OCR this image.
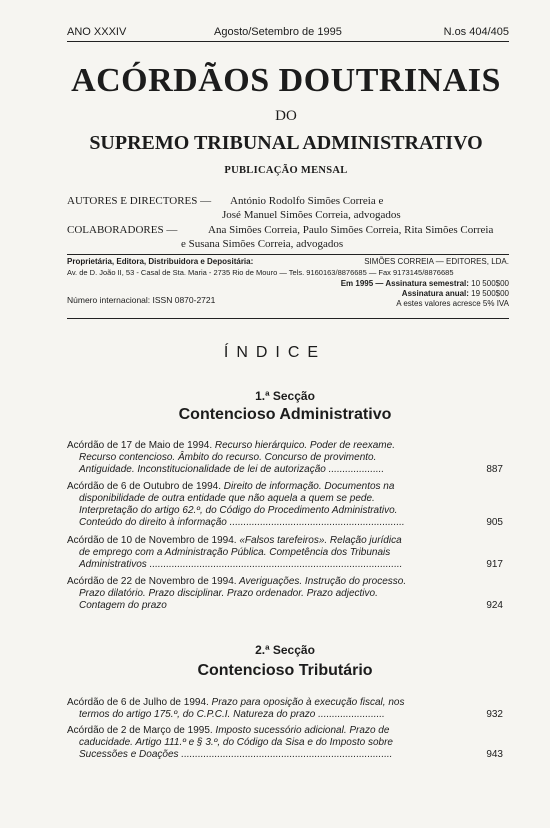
ANO XXXIV	Agosto/Setembro de 1995	N.os 404/405
ACÓRDÃOS DOUTRINAIS
DO
SUPREMO TRIBUNAL ADMINISTRATIVO
PUBLICAÇÃO MENSAL
AUTORES E DIRECTORES — António Rodolfo Simões Correia e
José Manuel Simões Correia, advogados
COLABORADORES —	Ana Simões Correia, Paulo Simões Correia, Rita Simões Correia
e Susana Simões Correia, advogados
Proprietária, Editora, Distribuidora e Depositária:	SIMÕES CORREIA — EDITORES, LDA.
Av. de D. João II, 53 - Casal de Sta. Maria - 2735 Rio de Mouro — Tels. 9160163/8876685 — Fax 9173145/8876685
Em 1995 — Assinatura semestral: 10 500$00
Assinatura anual: 19 500$00
A estes valores acresce 5% IVA
Número internacional: ISSN 0870-2721
ÍNDICE
1.ª Secção
Contencioso Administrativo
Acórdão de 17 de Maio de 1994. Recurso hierárquico. Poder de reexame.
Recurso contencioso. Âmbito do recurso. Concurso de provimento.
Antiguidade. Inconstitucionalidade de lei de autorização ....................	887
Acórdão de 6 de Outubro de 1994. Direito de informação. Documentos na
disponibilidade de outra entidade que não aquela a quem se pede.
Interpretação do artigo 62.º, do Código do Procedimento Administrativo.
Conteúdo do direito à informação ...............................................................	905
Acórdão de 10 de Novembro de 1994. «Falsos tarefeiros». Relação jurídica
de emprego com a Administração Pública. Competência dos Tribunais
Administrativos ...........................................................................................	917
Acórdão de 22 de Novembro de 1994. Averiguações. Instrução do processo.
Prazo dilatório. Prazo disciplinar. Prazo ordenador. Prazo adjectivo.
Contagem do prazo	924
2.ª Secção
Contencioso Tributário
Acórdão de 6 de Julho de 1994. Prazo para oposição à execução fiscal, nos
termos do artigo 175.º, do C.P.C.I. Natureza do prazo ........................	932
Acórdão de 2 de Março de 1995. Imposto sucessório adicional. Prazo de
caducidade. Artigo 111.º e § 3.º, do Código da Sisa e do Imposto sobre
Sucessões e Doações ............................................................................	943
